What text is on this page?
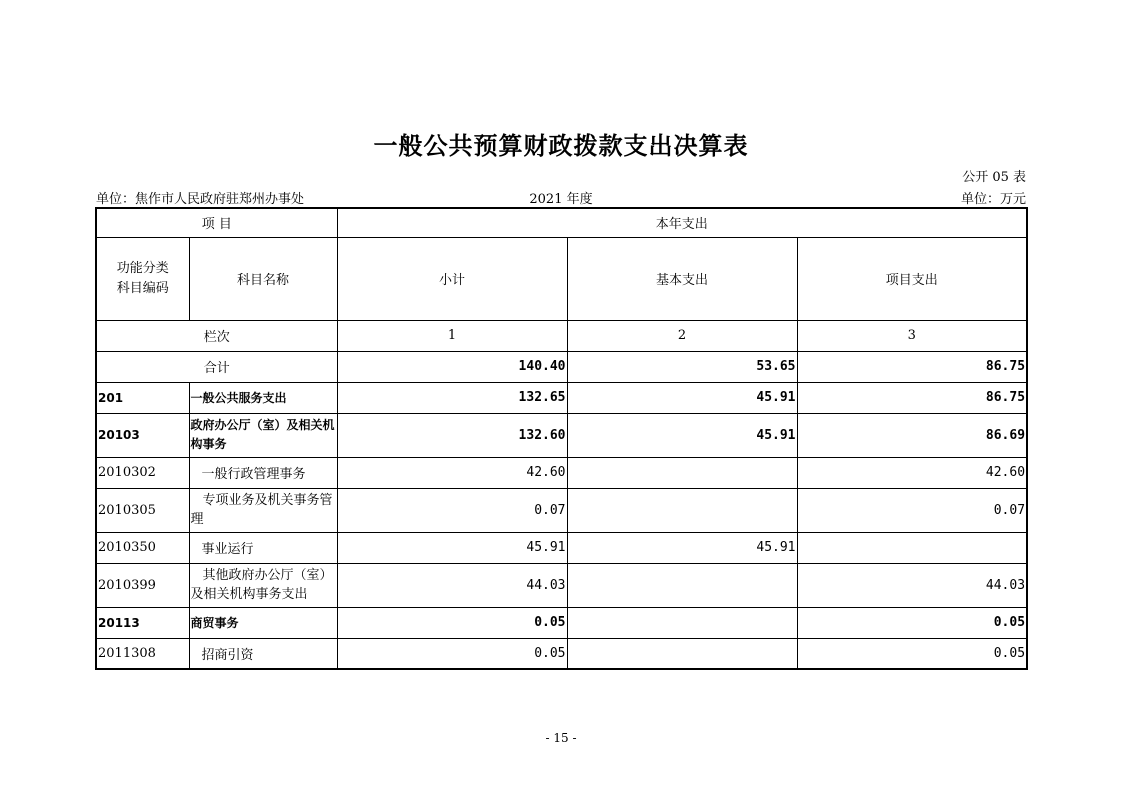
一般公共预算财政拨款支出决算表
公开 05 表
单位：焦作市人民政府驻郑州办事处	2021 年度	单位：万元
项 目		本年支出		

功能分类科目编码	科目名称	小计	基本支出	项目支出
栏次		1	2	3
合计		140.40	53.65	86.75
201	一般公共服务支出	132.65	45.91	86.75
20103	政府办公厅（室）及相关机构事务	132.60	45.91	86.69
2010302	一般行政管理事务	42.60		42.60
2010305	专项业务及机关事务管理	0.07		0.07
2010350	事业运行	45.91	45.91	
2010399	其他政府办公厅（室）及相关机构事务支出	44.03		44.03
20113	商贸事务	0.05		0.05
2011308	招商引资	0.05		0.05
- 15 -
